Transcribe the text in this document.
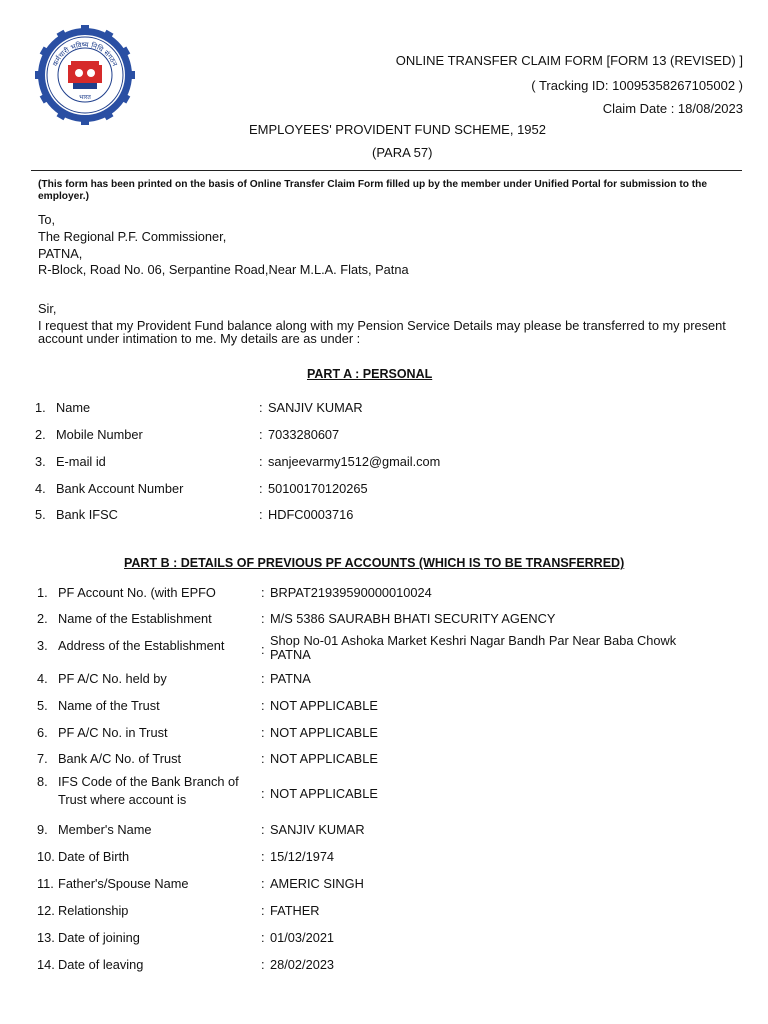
कर्मचारी भविष्य निधि संगठन
भारत
ONLINE TRANSFER CLAIM FORM [FORM 13 (REVISED) ]
( Tracking ID: 10095358267105002 )
Claim Date : 18/08/2023
EMPLOYEES' PROVIDENT FUND SCHEME, 1952
(PARA 57)
(This form has been printed on the basis of Online Transfer Claim Form filled up by the member under Unified Portal for submission to the employer.)
To,
The Regional P.F. Commissioner,
PATNA,
R-Block, Road No. 06, Serpantine Road,Near M.L.A. Flats, Patna
Sir,
I request that my Provident Fund balance along with my Pension Service Details may please be transferred to my present
account under intimation to me. My details are as under :
PART A : PERSONAL
1. Name	: SANJIV KUMAR
2. Mobile Number	: 7033280607
3. E-mail id	: sanjeevarmy1512@gmail.com
4. Bank Account Number	: 50100170120265
5. Bank IFSC	: HDFC0003716
PART B : DETAILS OF PREVIOUS PF ACCOUNTS (WHICH IS TO BE TRANSFERRED)
1. PF Account No. (with EPFO	: BRPAT21939590000010024
2. Name of the Establishment	: M/S 5386 SAURABH BHATI SECURITY AGENCY
3. Address of the Establishment	:
Shop No-01 Ashoka Market Keshri Nagar Bandh Par Near Baba Chowk
PATNA
4. PF A/C No. held by	: PATNA
5. Name of the Trust	: NOT APPLICABLE
6. PF A/C No. in Trust	: NOT APPLICABLE
7. Bank A/C No. of Trust	: NOT APPLICABLE
8. IFS Code of the Bank Branch of
Trust where account is	: NOT APPLICABLE
9. Member's Name	: SANJIV KUMAR
10. Date of Birth	: 15/12/1974
11. Father's/Spouse Name	: AMERIC SINGH
12. Relationship	: FATHER
13. Date of joining	: 01/03/2021
14. Date of leaving	: 28/02/2023
